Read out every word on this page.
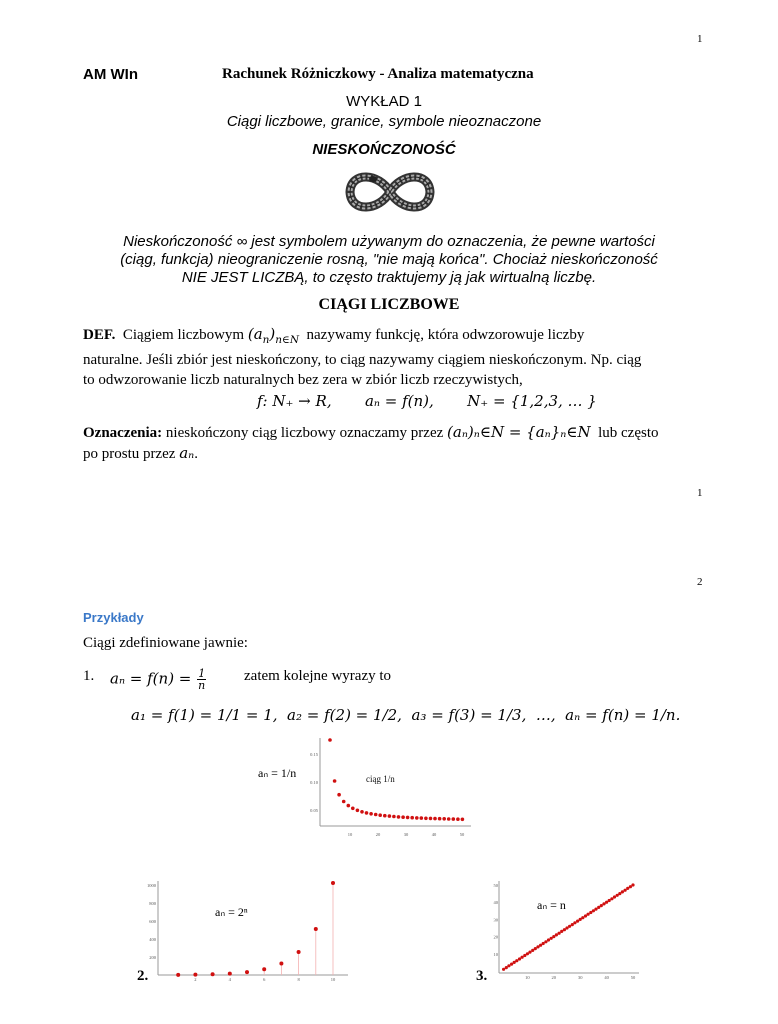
1
AM WIn	Rachunek Różniczkowy - Analiza matematyczna
WYKŁAD 1
Ciągi liczbowe, granice, symbole nieoznaczone
NIESKOŃCZONOŚĆ
Nieskończoność ∞ jest symbolem używanym do oznaczenia, że pewne wartości
(ciąg, funkcja) nieograniczenie rosną, "nie mają końca". Chociaż nieskończoność
NIE JEST LICZBĄ, to często traktujemy ją jak wirtualną liczbę.
CIĄGI LICZBOWE
DEF. Ciągiem liczbowym $(a_n)_{n\in N}$ nazywamy funkcję, która odwzorowuje liczby
naturalne. Jeśli zbiór jest nieskończony, to ciąg nazywamy ciągiem nieskończonym. Np. ciąg
to odwzorowanie liczb naturalnych bez zera w zbiór liczb rzeczywistych,
f: N₊ → R,       aₙ = f(n),       N₊ = {1,2,3, … }
Oznaczenia: nieskończony ciąg liczbowy oznaczamy przez (aₙ)ₙ∈N = {aₙ}ₙ∈N lub często
po prostu przez aₙ.
1
2
Przykłady
Ciągi zdefiniowane jawnie:
1. $a_n = f(n) = \frac{1}{n}$	zatem kolejne wyrazy to
a₁ = f(1) = 1/1 = 1,  a₂ = f(2) = 1/2,  a₃ = f(3) = 1/3,  …,  aₙ = f(n) = 1/n.
aₙ = 1/n
10	20	30	40	50
0.05
0.10
0.15
ciąg 1/n
200
400
600
800
1000
2	4	6	8	10
aₙ = 2ⁿ
2.	10	20	30	40	50
10
20
30
40
50
aₙ = n
3.
